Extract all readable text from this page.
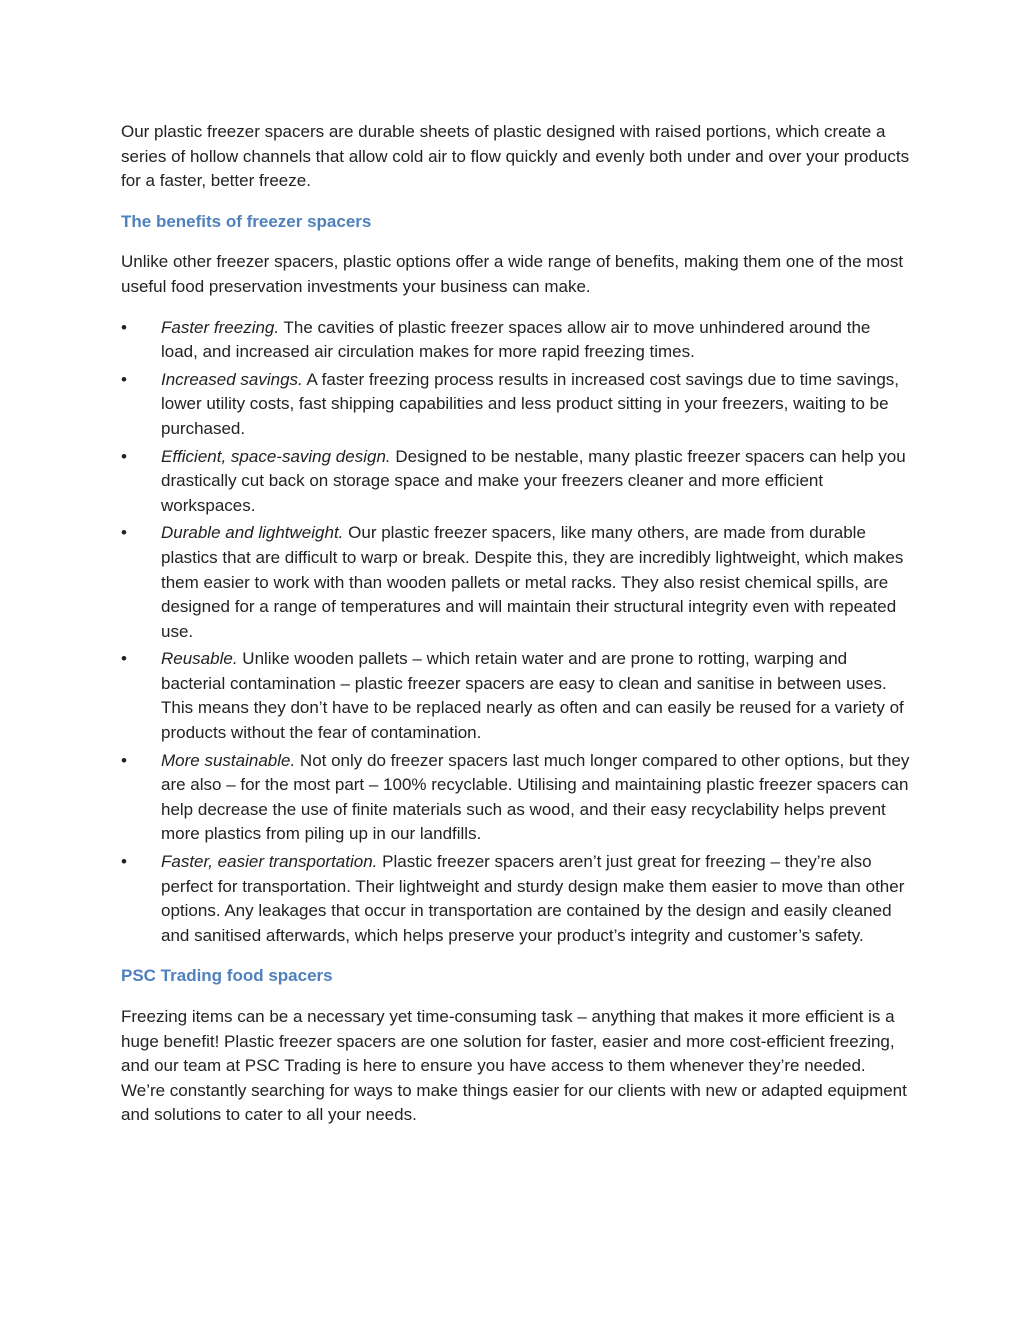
Our plastic freezer spacers are durable sheets of plastic designed with raised portions, which create a series of hollow channels that allow cold air to flow quickly and evenly both under and over your products for a faster, better freeze.

The benefits of freezer spacers

Unlike other freezer spacers, plastic options offer a wide range of benefits, making them one of the most useful food preservation investments your business can make.

•	Faster freezing. The cavities of plastic freezer spaces allow air to move unhindered around the load, and increased air circulation makes for more rapid freezing times.
•	Increased savings. A faster freezing process results in increased cost savings due to time savings, lower utility costs, fast shipping capabilities and less product sitting in your freezers, waiting to be purchased.
•	Efficient, space-saving design. Designed to be nestable, many plastic freezer spacers can help you drastically cut back on storage space and make your freezers cleaner and more efficient workspaces.
•	Durable and lightweight. Our plastic freezer spacers, like many others, are made from durable plastics that are difficult to warp or break. Despite this, they are incredibly lightweight, which makes them easier to work with than wooden pallets or metal racks. They also resist chemical spills, are designed for a range of temperatures and will maintain their structural integrity even with repeated use.
•	Reusable. Unlike wooden pallets – which retain water and are prone to rotting, warping and bacterial contamination – plastic freezer spacers are easy to clean and sanitise in between uses. This means they don’t have to be replaced nearly as often and can easily be reused for a variety of products without the fear of contamination.
•	More sustainable. Not only do freezer spacers last much longer compared to other options, but they are also – for the most part – 100% recyclable. Utilising and maintaining plastic freezer spacers can help decrease the use of finite materials such as wood, and their easy recyclability helps prevent more plastics from piling up in our landfills.
•	Faster, easier transportation. Plastic freezer spacers aren’t just great for freezing – they’re also perfect for transportation. Their lightweight and sturdy design make them easier to move than other options. Any leakages that occur in transportation are contained by the design and easily cleaned and sanitised afterwards, which helps preserve your product’s integrity and customer’s safety.
PSC Trading food spacers

Freezing items can be a necessary yet time-consuming task – anything that makes it more efficient is a huge benefit! Plastic freezer spacers are one solution for faster, easier and more cost-efficient freezing, and our team at PSC Trading is here to ensure you have access to them whenever they’re needed. We’re constantly searching for ways to make things easier for our clients with new or adapted equipment and solutions to cater to all your needs.
